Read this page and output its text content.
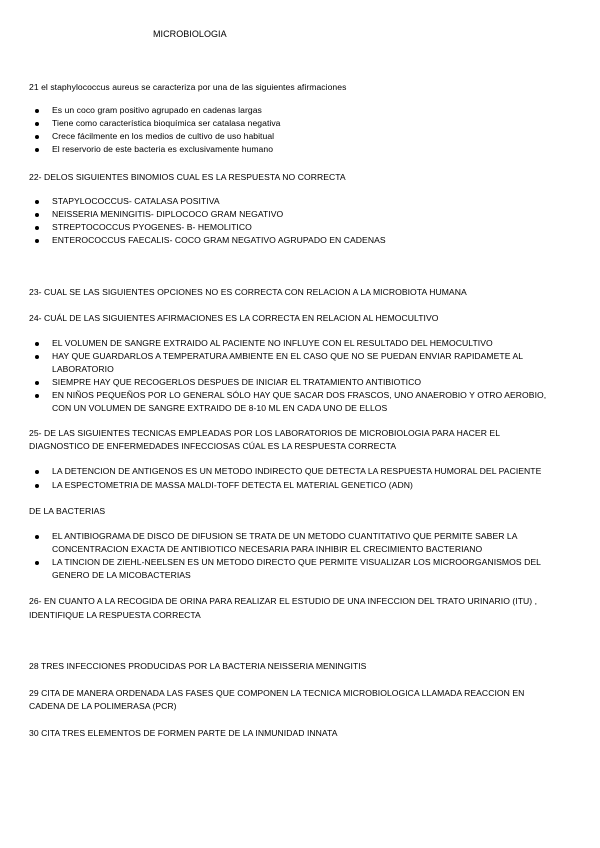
MICROBIOLOGIA
21 el staphylococcus aureus se caracteriza por una de las siguientes afirmaciones
Es un coco gram positivo agrupado en cadenas largas
Tiene como característica bioquímica ser catalasa negativa
Crece fácilmente en los medios de cultivo de uso habitual
El reservorio de este bacteria es exclusivamente humano
22- DELOS SIGUIENTES BINOMIOS CUAL ES LA RESPUESTA NO CORRECTA
STAPYLOCOCCUS- CATALASA POSITIVA
NEISSERIA MENINGITIS- DIPLOCOCO GRAM NEGATIVO
STREPTOCOCCUS PYOGENES- B- HEMOLITICO
ENTEROCOCCUS FAECALIS- COCO GRAM NEGATIVO AGRUPADO EN CADENAS
23- CUAL SE LAS SIGUIENTES OPCIONES NO ES CORRECTA CON RELACION A LA MICROBIOTA HUMANA
24- CUÁL DE LAS SIGUIENTES AFIRMACIONES ES LA CORRECTA EN RELACION AL HEMOCULTIVO
EL VOLUMEN DE SANGRE EXTRAIDO AL PACIENTE NO INFLUYE CON EL RESULTADO DEL HEMOCULTIVO
HAY QUE GUARDARLOS A TEMPERATURA AMBIENTE EN EL CASO QUE NO SE PUEDAN ENVIAR RAPIDAMETE AL
LABORATORIO
SIEMPRE HAY QUE RECOGERLOS DESPUES DE INICIAR EL TRATAMIENTO ANTIBIOTICO
EN NIÑOS PEQUEÑOS POR LO GENERAL SÓLO HAY QUE SACAR DOS FRASCOS, UNO ANAEROBIO Y OTRO AEROBIO,
CON UN VOLUMEN DE SANGRE EXTRAIDO DE 8-10 ML EN CADA UNO DE ELLOS
25- DE LAS SIGUIENTES TECNICAS EMPLEADAS POR LOS LABORATORIOS DE MICROBIOLOGIA PARA HACER EL
DIAGNOSTICO DE ENFERMEDADES INFECCIOSAS CÚAL ES LA RESPUESTA CORRECTA
LA DETENCION DE ANTIGENOS ES UN METODO INDIRECTO QUE DETECTA LA RESPUESTA HUMORAL DEL PACIENTE
LA ESPECTOMETRIA DE MASSA MALDI-TOFF DETECTA EL MATERIAL GENETICO (ADN)
DE LA BACTERIAS
EL ANTIBIOGRAMA DE DISCO DE DIFUSION SE TRATA DE UN METODO CUANTITATIVO QUE PERMITE SABER LA
CONCENTRACION EXACTA DE ANTIBIOTICO NECESARIA PARA INHIBIR EL CRECIMIENTO BACTERIANO
LA TINCION DE ZIEHL-NEELSEN ES UN METODO DIRECTO QUE PERMITE VISUALIZAR LOS MICROORGANISMOS DEL
GENERO DE LA MICOBACTERIAS
26- EN CUANTO A LA RECOGIDA DE ORINA PARA REALIZAR EL ESTUDIO DE UNA INFECCION DEL TRATO URINARIO (ITU) ,
IDENTIFIQUE LA RESPUESTA CORRECTA
28 TRES INFECCIONES PRODUCIDAS POR LA BACTERIA NEISSERIA MENINGITIS
29 CITA DE MANERA ORDENADA LAS FASES QUE COMPONEN LA TECNICA MICROBIOLOGICA LLAMADA REACCION EN
CADENA DE LA POLIMERASA (PCR)
30 CITA TRES ELEMENTOS DE FORMEN PARTE DE LA INMUNIDAD INNATA
